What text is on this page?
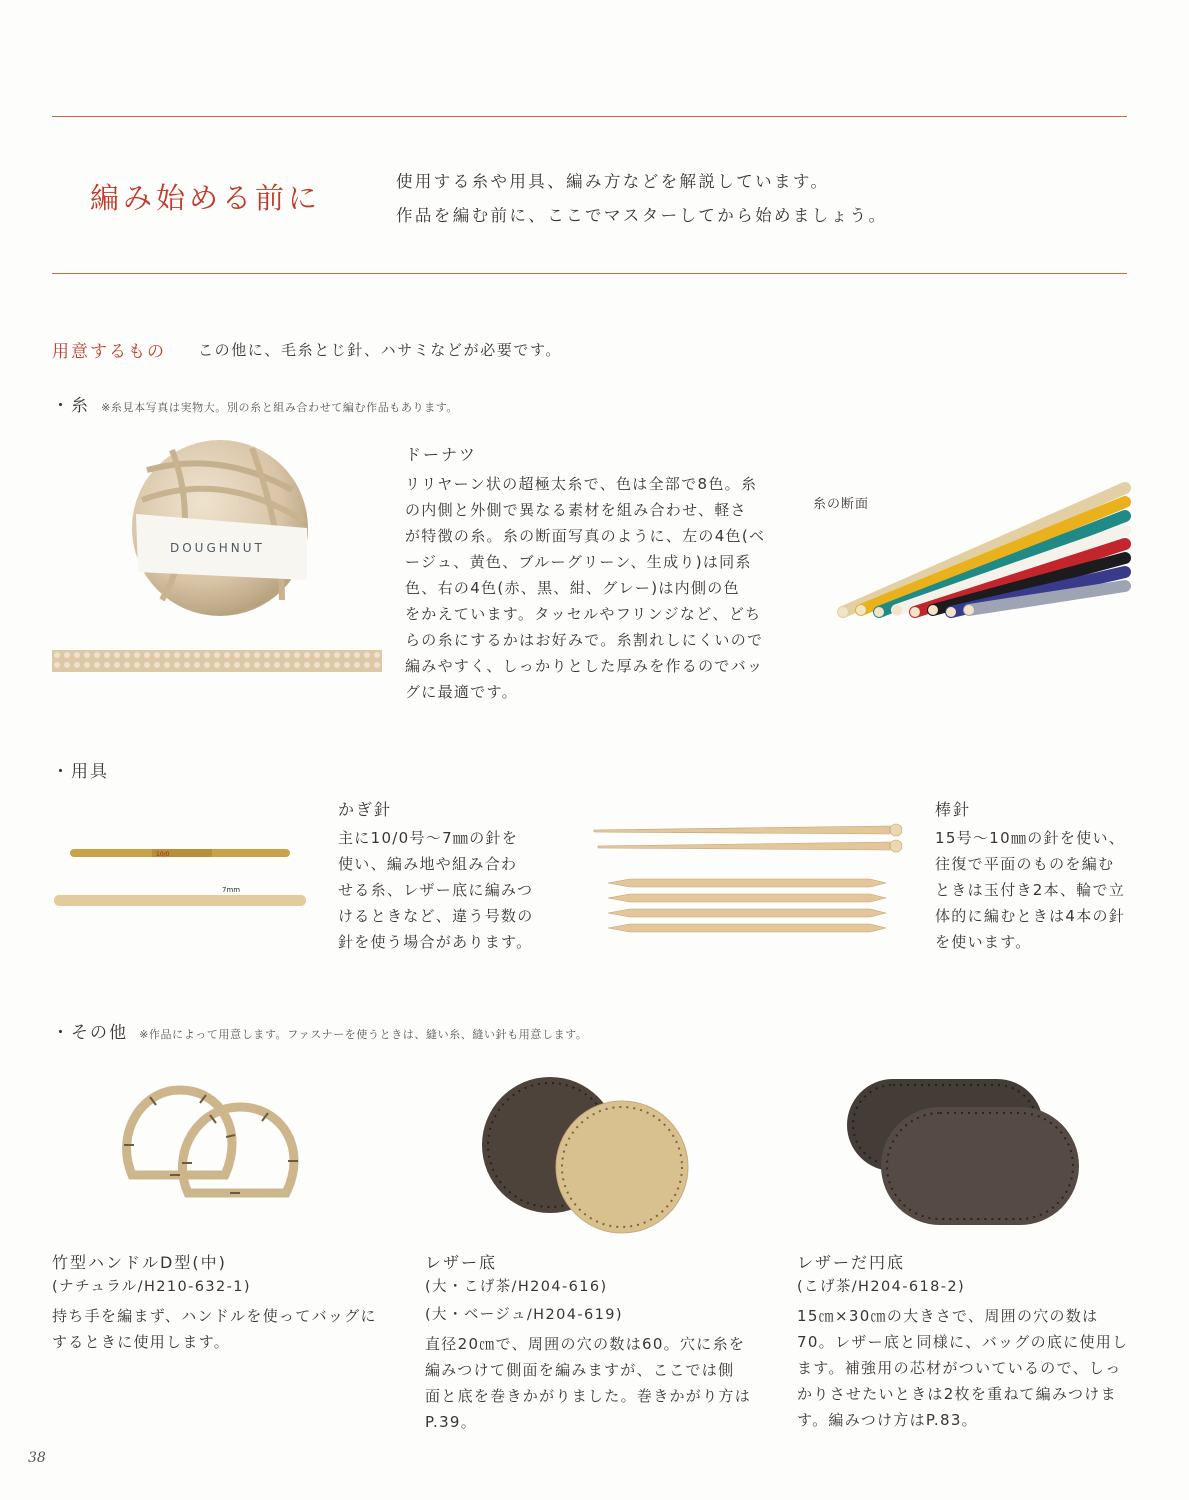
編み始める前に	使用する糸や用具、編み方などを解説しています。
作品を編む前に、ここでマスターしてから始めましょう。
用意するもの この他に、毛糸とじ針、ハサミなどが必要です。
・糸 ※糸見本写真は実物大。別の糸と組み合わせて編む作品もあります。
DOUGHNUT
ドーナツ
リリヤーン状の超極太糸で、色は全部で8色。糸
の内側と外側で異なる素材を組み合わせ、軽さ
が特徴の糸。糸の断面写真のように、左の4色(ベ
ージュ、黄色、ブルーグリーン、生成り)は同系
色、右の4色(赤、黒、紺、グレー)は内側の色
をかえています。タッセルやフリンジなど、どち
らの糸にするかはお好みで。糸割れしにくいので
編みやすく、しっかりとした厚みを作るのでバッ
グに最適です。
糸の断面
・用具
10/0
7mm
かぎ針
主に10/0号～7㎜の針を
使い、編み地や組み合わ
せる糸、レザー底に編みつ
けるときなど、違う号数の
針を使う場合があります。
棒針
15号～10㎜の針を使い、
往復で平面のものを編む
ときは玉付き2本、輪で立
体的に編むときは4本の針
を使います。
・その他 ※作品によって用意します。ファスナーを使うときは、縫い糸、縫い針も用意します。
竹型ハンドルD型(中)
(ナチュラル/H210-632-1)
持ち手を編まず、ハンドルを使ってバッグに
するときに使用します。
レザー底
(大・こげ茶/H204-616)
(大・ベージュ/H204-619)
直径20㎝で、周囲の穴の数は60。穴に糸を
編みつけて側面を編みますが、ここでは側
面と底を巻きかがりました。巻きかがり方は
P.39。
レザーだ円底
(こげ茶/H204-618-2)
15㎝×30㎝の大きさで、周囲の穴の数は
70。レザー底と同様に、バッグの底に使用し
ます。補強用の芯材がついているので、しっ
かりさせたいときは2枚を重ねて編みつけま
す。編みつけ方はP.83。
38
